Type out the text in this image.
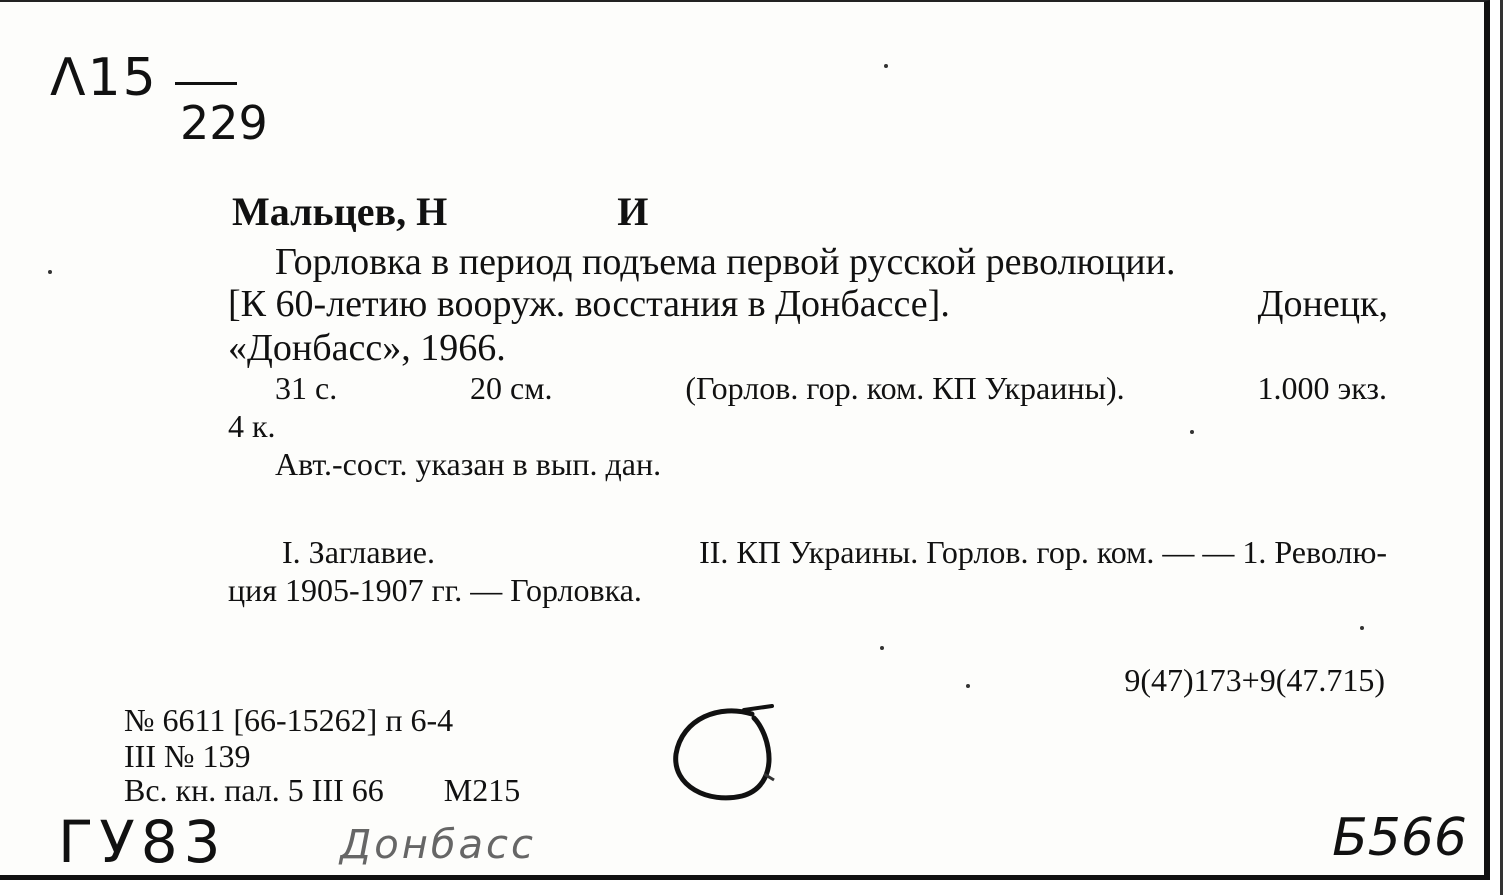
Λ15
229
Мальцев, Н	И
Горловка в период подъема первой русской революции.
[К 60-летию вооруж. восстания в Донбассе].	Донецк,
«Донбасс», 1966.
31 с.	20 см.	(Горлов. гор. ком. КП Украины).	1.000 экз.
4 к.
Авт.-сост. указан в вып. дан.
I. Заглавие.	II. КП Украины. Горлов. гор. ком. — — 1. Револю-
ция 1905-1907 гг. — Горловка.
9(47)173+9(47.715)
№ 6611 [66-15262] п 6-4
III № 139
Вс. кн. пал. 5 III 66 М215
ГУ83	Донбасс	Б566
